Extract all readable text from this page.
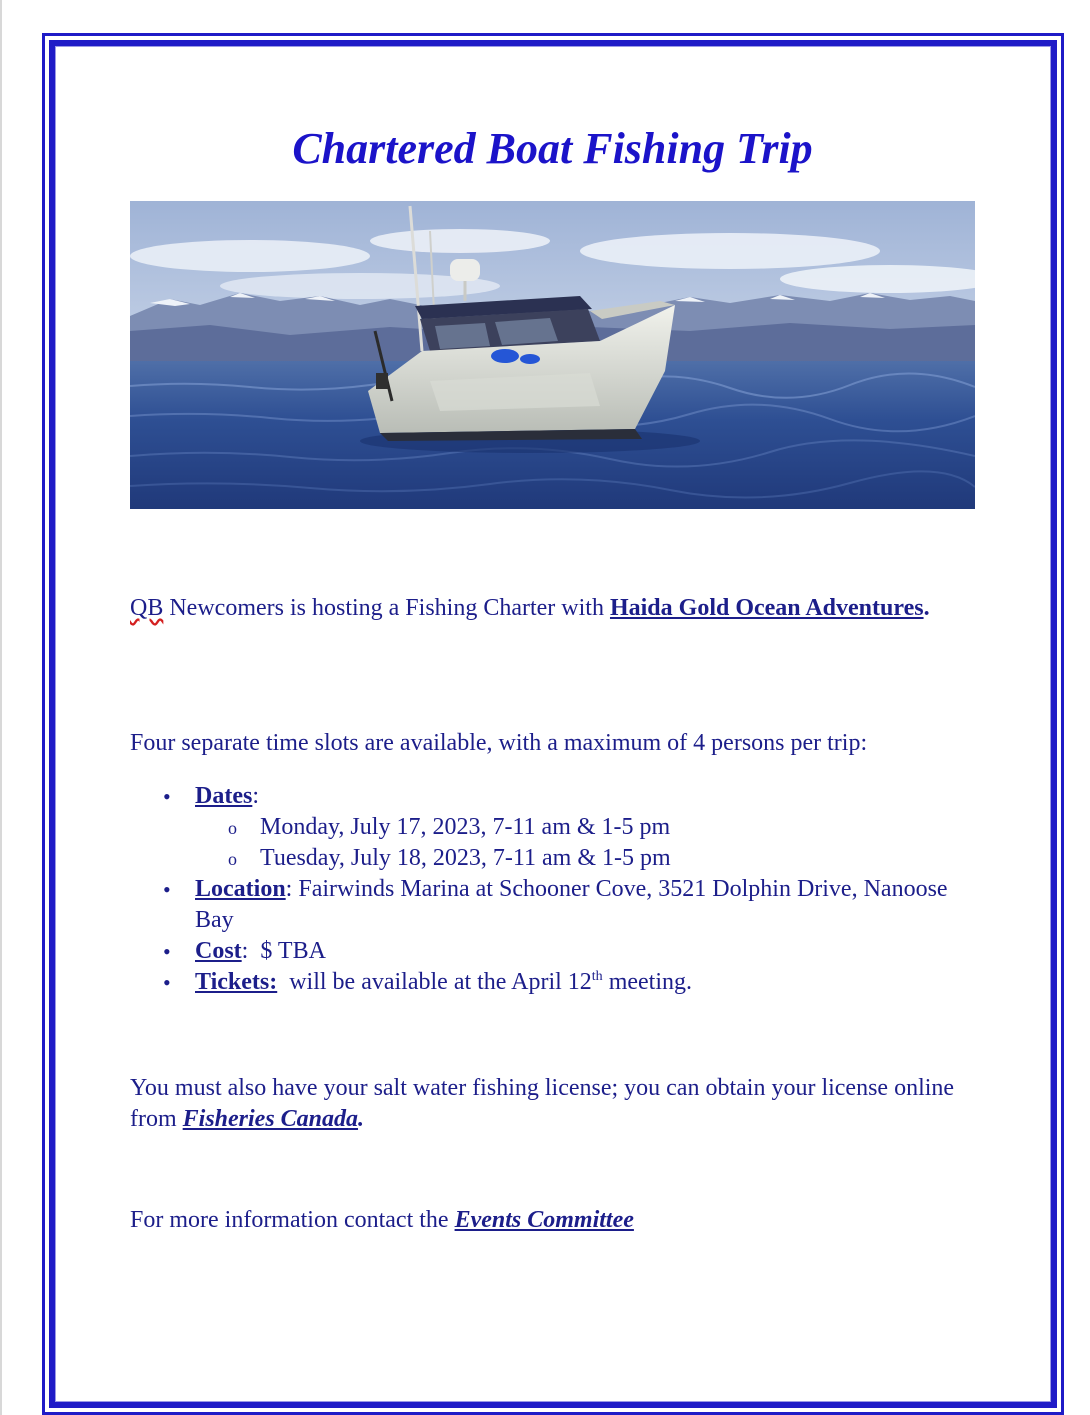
Chartered Boat Fishing Trip

QB Newcomers is hosting a Fishing Charter with Haida Gold Ocean Adventures.

Four separate time slots are available, with a maximum of 4 persons per trip:

• Dates:
o Monday, July 17, 2023, 7-11 am & 1-5 pm
o Tuesday, July 18, 2023, 7-11 am & 1-5 pm
• Location: Fairwinds Marina at Schooner Cove, 3521 Dolphin Drive, Nanoose Bay
• Cost:  $ TBA
• Tickets:  will be available at the April 12th meeting.

You must also have your salt water fishing license; you can obtain your license online from Fisheries Canada.

For more information contact the Events Committee
